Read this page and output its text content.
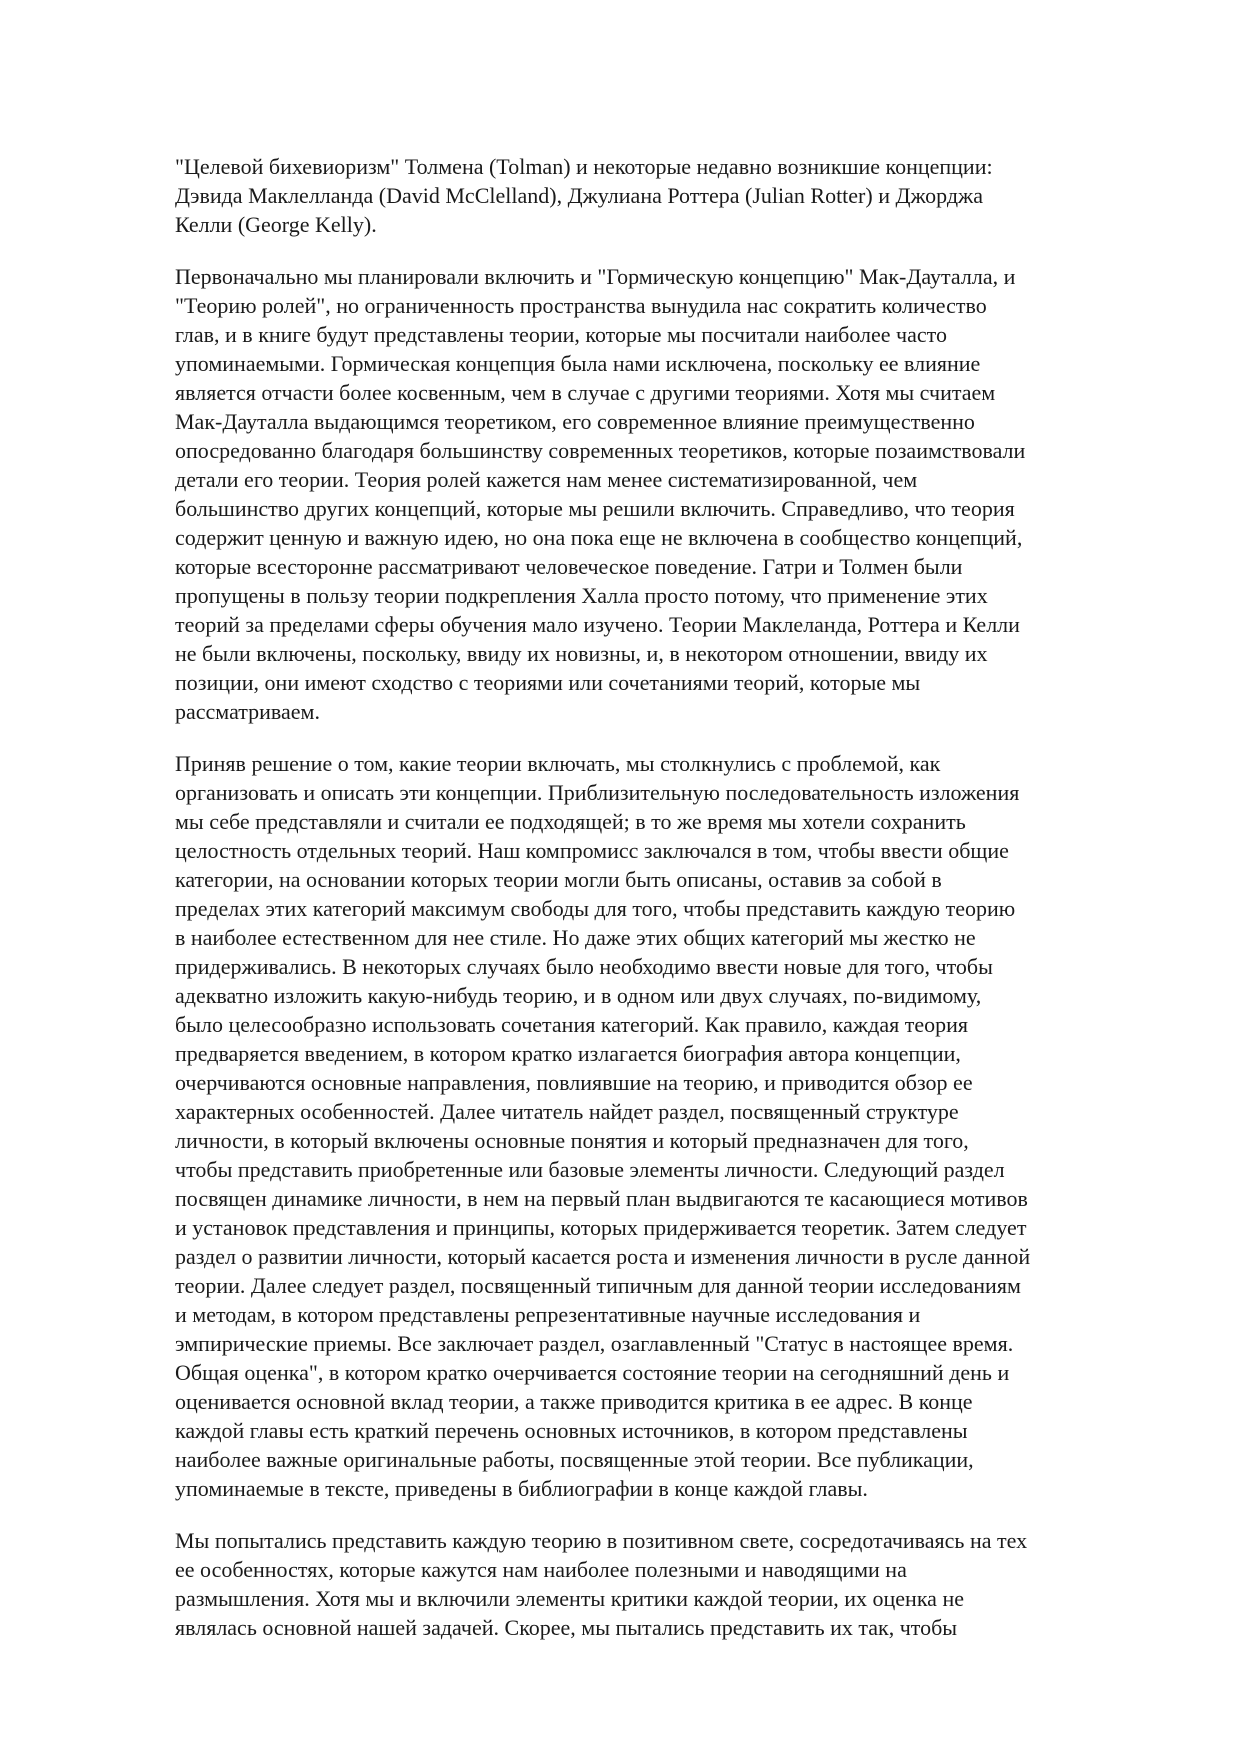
"Целевой бихевиоризм" Толмена (Tolman) и некоторые недавно возникшие концепции:
Дэвида Маклелланда (David McClelland), Джулиана Роттера (Julian Rotter) и Джорджа
Келли (George Kelly).
Первоначально мы планировали включить и "Гормическую концепцию" Мак-Дауталла, и
"Теорию ролей", но ограниченность пространства вынудила нас сократить количество
глав, и в книге будут представлены теории, которые мы посчитали наиболее часто
упоминаемыми. Гормическая концепция была нами исключена, поскольку ее влияние
является отчасти более косвенным, чем в случае с другими теориями. Хотя мы считаем
Мак-Дауталла выдающимся теоретиком, его современное влияние преимущественно
опосредованно благодаря большинству современных теоретиков, которые позаимствовали
детали его теории. Теория ролей кажется нам менее систематизированной, чем
большинство других концепций, которые мы решили включить. Справедливо, что теория
содержит ценную и важную идею, но она пока еще не включена в сообщество концепций,
которые всесторонне рассматривают человеческое поведение. Гатри и Толмен были
пропущены в пользу теории подкрепления Халла просто потому, что применение этих
теорий за пределами сферы обучения мало изучено. Теории Маклеланда, Роттера и Келли
не были включены, поскольку, ввиду их новизны, и, в некотором отношении, ввиду их
позиции, они имеют сходство с теориями или сочетаниями теорий, которые мы
рассматриваем.
Приняв решение о том, какие теории включать, мы столкнулись с проблемой, как
организовать и описать эти концепции. Приблизительную последовательность изложения
мы себе представляли и считали ее подходящей; в то же время мы хотели сохранить
целостность отдельных теорий. Наш компромисс заключался в том, чтобы ввести общие
категории, на основании которых теории могли быть описаны, оставив за собой в
пределах этих категорий максимум свободы для того, чтобы представить каждую теорию
в наиболее естественном для нее стиле. Но даже этих общих категорий мы жестко не
придерживались. В некоторых случаях было необходимо ввести новые для того, чтобы
адекватно изложить какую-нибудь теорию, и в одном или двух случаях, по-видимому,
было целесообразно использовать сочетания категорий. Как правило, каждая теория
предваряется введением, в котором кратко излагается биография автора концепции,
очерчиваются основные направления, повлиявшие на теорию, и приводится обзор ее
характерных особенностей. Далее читатель найдет раздел, посвященный структуре
личности, в который включены основные понятия и который предназначен для того,
чтобы представить приобретенные или базовые элементы личности. Следующий раздел
посвящен динамике личности, в нем на первый план выдвигаются те касающиеся мотивов
и установок представления и принципы, которых придерживается теоретик. Затем следует
раздел о развитии личности, который касается роста и изменения личности в русле данной
теории. Далее следует раздел, посвященный типичным для данной теории исследованиям
и методам, в котором представлены репрезентативные научные исследования и
эмпирические приемы. Все заключает раздел, озаглавленный "Статус в настоящее время.
Общая оценка", в котором кратко очерчивается состояние теории на сегодняшний день и
оценивается основной вклад теории, а также приводится критика в ее адрес. В конце
каждой главы есть краткий перечень основных источников, в котором представлены
наиболее важные оригинальные работы, посвященные этой теории. Все публикации,
упоминаемые в тексте, приведены в библиографии в конце каждой главы.
Мы попытались представить каждую теорию в позитивном свете, сосредотачиваясь на тех
ее особенностях, которые кажутся нам наиболее полезными и наводящими на
размышления. Хотя мы и включили элементы критики каждой теории, их оценка не
являлась основной нашей задачей. Скорее, мы пытались представить их так, чтобы
